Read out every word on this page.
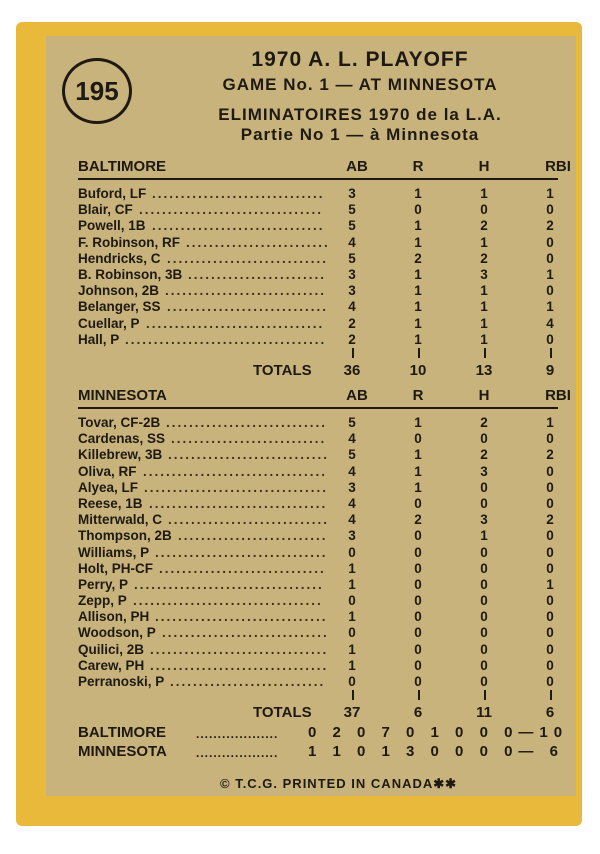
195
1970 A. L. PLAYOFF
GAME No. 1 — AT MINNESOTA
ELIMINATOIRES 1970 de la L.A.
Partie No 1 — à Minnesota
BALTIMORE	AB	R	H	RBI
Buford, LF ..............................	3	1	1	1
Blair, CF ................................	5	0	0	0
Powell, 1B ..............................	5	1	2	2
F. Robinson, RF .........................	4	1	1	0
Hendricks, C ............................	5	2	2	0
B. Robinson, 3B ........................	3	1	3	1
Johnson, 2B ............................	3	1	1	0
Belanger, SS ............................	4	1	1	1
Cuellar, P ...............................	2	1	1	4
Hall, P ...................................	2	1	1	0
TOTALS 36	10	13	9
MINNESOTA	AB	R	H	RBI
Tovar, CF-2B ............................	5	1	2	1
Cardenas, SS ...........................	4	0	0	0
Killebrew, 3B ............................	5	1	2	2
Oliva, RF ................................	4	1	3	0
Alyea, LF ................................	3	1	0	0
Reese, 1B ...............................	4	0	0	0
Mitterwald, C ............................	4	2	3	2
Thompson, 2B ..........................	3	0	1	0
Williams, P ..............................	0	0	0	0
Holt, PH-CF .............................	1	0	0	0
Perry, P .................................	1	0	0	1
Zepp, P .................................	0	0	0	0
Allison, PH ..............................	1	0	0	0
Woodson, P .............................	0	0	0	0
Quilici, 2B ...............................	1	0	0	0
Carew, PH ...............................	1	0	0	0
Perranoski, P ...........................	0	0	0	0
TOTALS 37	6	11	6
BALTIMORE ................... 0 2 0 7 0 1 0 0 0—10
MINNESOTA ................... 1 1 0 1 3 0 0 0 0— 6
© T.C.G. PRINTED IN CANADA✱✱
